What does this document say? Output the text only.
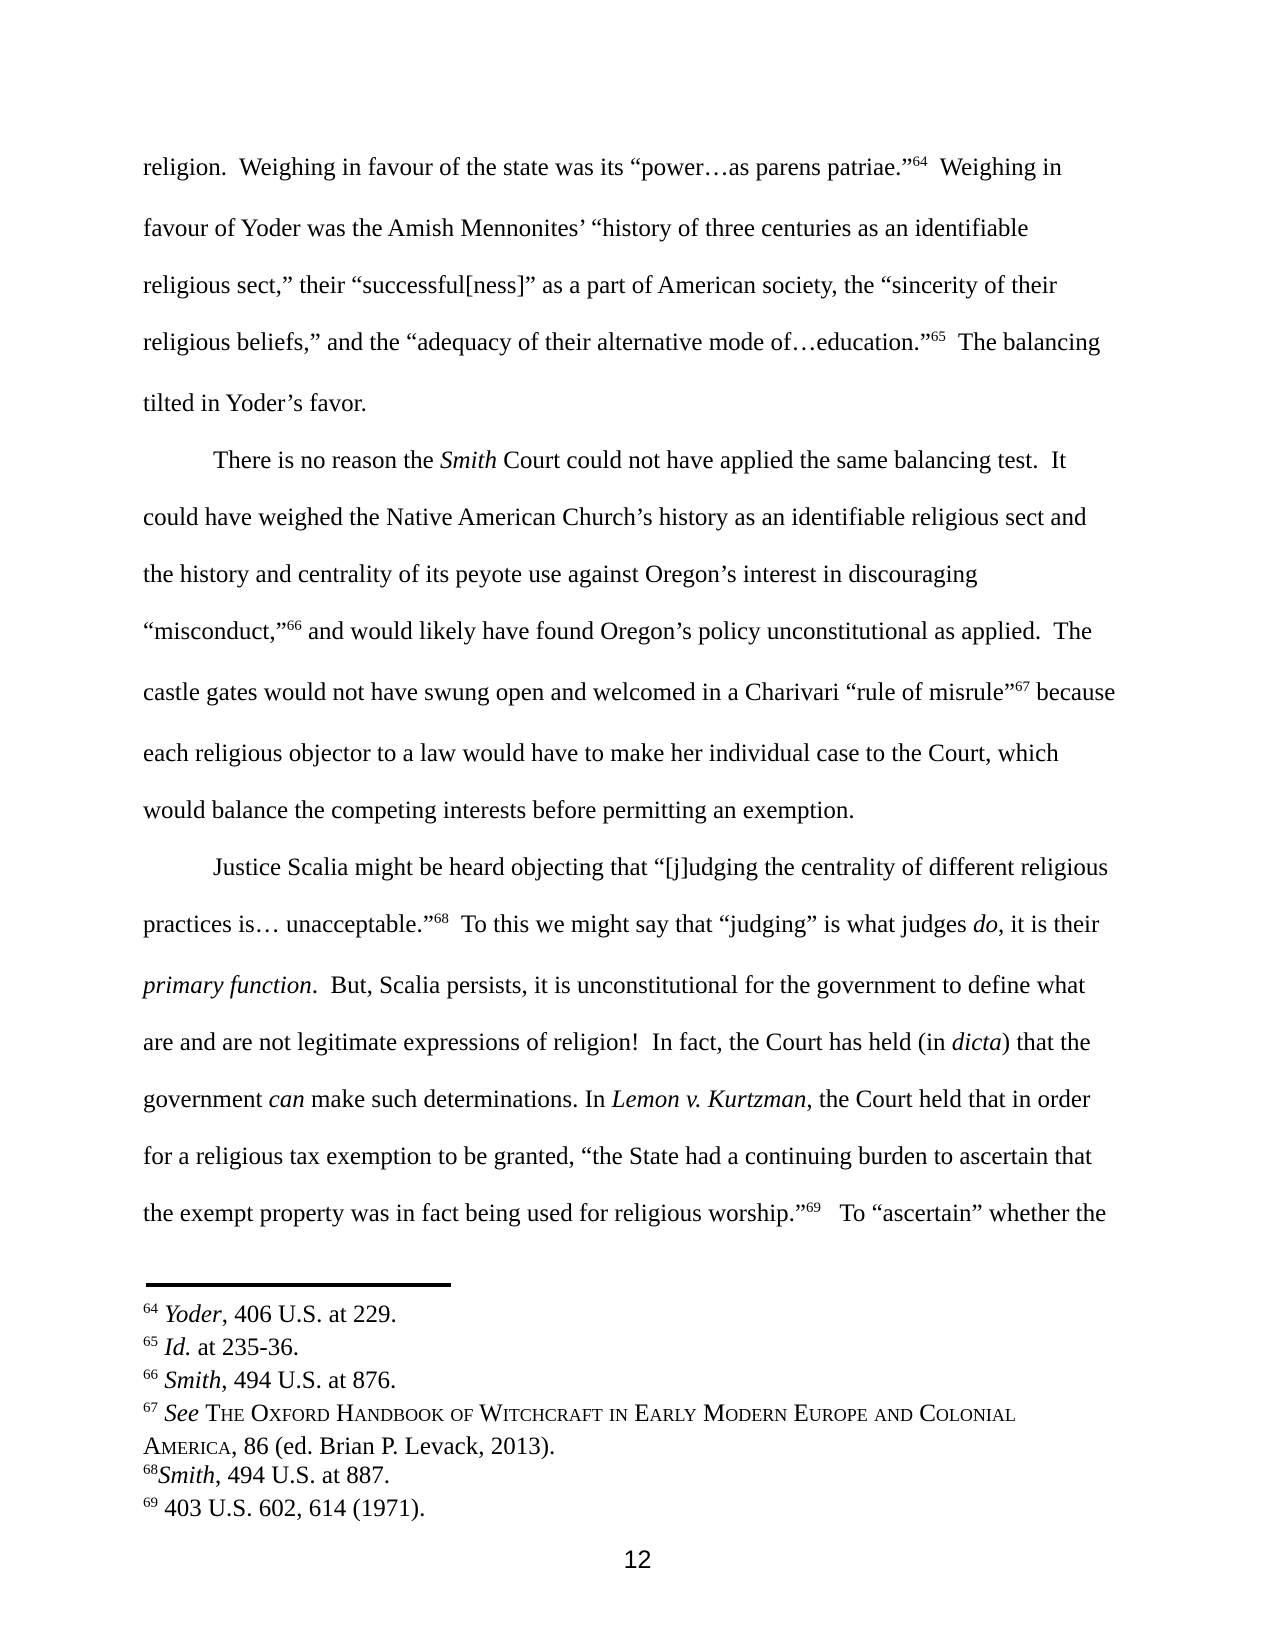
religion.  Weighing in favour of the state was its “power…as parens patriae.”$^{64}$  Weighing in
favour of Yoder was the Amish Mennonites’ “history of three centuries as an identifiable
religious sect,” their “successful[ness]” as a part of American society, the “sincerity of their
religious beliefs,” and the “adequacy of their alternative mode of…education.”$^{65}$  The balancing
tilted in Yoder’s favor.
There is no reason the Smith Court could not have applied the same balancing test.  It
could have weighed the Native American Church’s history as an identifiable religious sect and
the history and centrality of its peyote use against Oregon’s interest in discouraging
“misconduct,”$^{66}$ and would likely have found Oregon’s policy unconstitutional as applied.  The
castle gates would not have swung open and welcomed in a Charivari “rule of misrule”$^{67}$ because
each religious objector to a law would have to make her individual case to the Court, which
would balance the competing interests before permitting an exemption.
Justice Scalia might be heard objecting that “[j]udging the centrality of different religious
practices is… unacceptable.”$^{68}$  To this we might say that “judging” is what judges do, it is their
primary function.  But, Scalia persists, it is unconstitutional for the government to define what
are and are not legitimate expressions of religion!  In fact, the Court has held (in dicta) that the
government can make such determinations. In Lemon v. Kurtzman, the Court held that in order
for a religious tax exemption to be granted, “the State had a continuing burden to ascertain that
the exempt property was in fact being used for religious worship.”$^{69}$   To “ascertain” whether the
$^{64}$ Yoder, 406 U.S. at 229.
$^{65}$ Id. at 235-36.
$^{66}$ Smith, 494 U.S. at 876.
$^{67}$ See The Oxford Handbook of Witchcraft in Early Modern Europe and Colonial
America, 86 (ed. Brian P. Levack, 2013).
$^{68}$Smith, 494 U.S. at 887.
$^{69}$ 403 U.S. 602, 614 (1971).
12
